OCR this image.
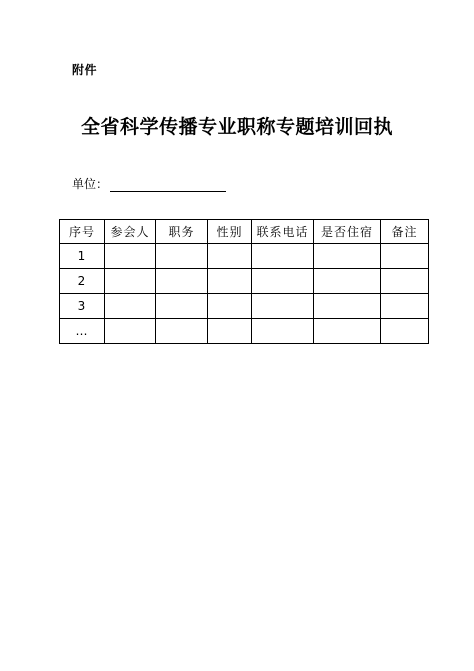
附件
全省科学传播专业职称专题培训回执
单位：
序号	参会人	职务	性别	联系电话	是否住宿	备注
1						
2						
3						
…						
